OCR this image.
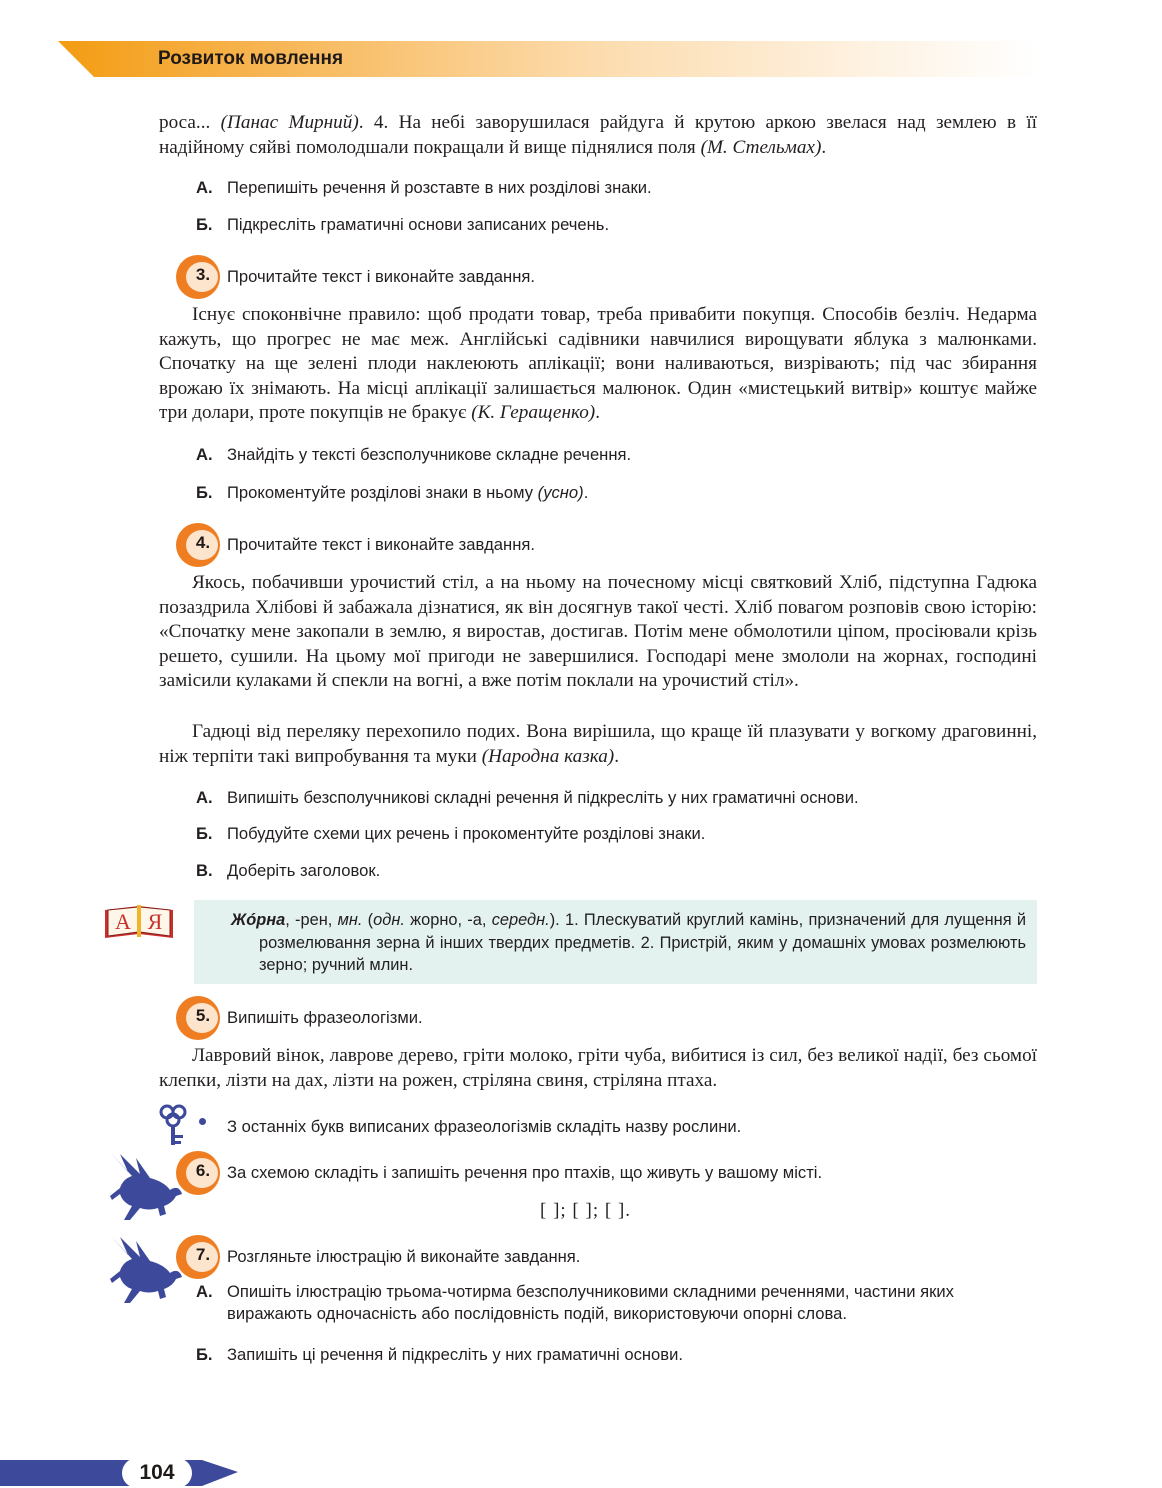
Розвиток мовлення
роса... (Панас Мирний). 4. На небі заворушилася райдуга й крутою аркою звелася над землею в її надійному сяйві помолодшали покращали й вище піднялися поля (М. Стельмах).
А. Перепишіть речення й розставте в них розділові знаки.
Б. Підкресліть граматичні основи записаних речень.
3.	Прочитайте текст і виконайте завдання.
Існує споконвічне правило: щоб продати товар, треба привабити покупця. Способів безліч. Недарма кажуть, що прогрес не має меж. Англійські садівники навчилися вирощувати яблука з малюнками. Спочатку на ще зелені плоди наклеюють аплікації; вони наливаються, визрівають; під час збирання врожаю їх знімають. На місці аплікації залишається малюнок. Один «мистецький витвір» коштує майже три долари, проте покупців не бракує (К. Геращенко).
А. Знайдіть у тексті безсполучникове складне речення.
Б. Прокоментуйте розділові знаки в ньому (усно).
4.	Прочитайте текст і виконайте завдання.
Якось, побачивши урочистий стіл, а на ньому на почесному місці святковий Хліб, підступна Гадюка позаздрила Хлібові й забажала дізнатися, як він досягнув такої честі. Хліб повагом розповів свою історію: «Спочатку мене закопали в землю, я виростав, достигав. Потім мене обмолотили ціпом, просіювали крізь решето, сушили. На цьому мої пригоди не завершилися. Господарі мене змололи на жорнах, господині замісили кулаками й спекли на вогні, а вже потім поклали на урочистий стіл».
Гадюці від переляку перехопило подих. Вона вирішила, що краще їй плазувати у вогкому драговинні, ніж терпіти такі випробування та муки (Народна казка).
А. Випишіть безсполучникові складні речення й підкресліть у них граматичні основи.
Б. Побудуйте схеми цих речень і прокоментуйте розділові знаки.
В. Доберіть заголовок.
А Я	Жóрна, -рен, мн. (одн. жорно, -а, середн.). 1. Плескуватий круглий камінь, призначений для лущення й розмелювання зерна й інших твердих предметів. 2. Пристрій, яким у домашніх умовах розмелюють зерно; ручний млин.
5.	Випишіть фразеологізми.
Лавровий вінок, лаврове дерево, гріти молоко, гріти чуба, вибитися із сил, без великої надії, без сьомої клепки, лізти на дах, лізти на рожен, стріляна свиня, стріляна птаха.
З останніх букв виписаних фразеологізмів складіть назву рослини.
6.	За схемою складіть і запишіть речення про птахів, що живуть у вашому місті.
[ ]; [ ]; [ ].
7.	Розгляньте ілюстрацію й виконайте завдання.
А. Опишіть ілюстрацію трьома-чотирма безсполучниковими складними реченнями, частини яких виражають одночасність або послідовність подій, використовуючи опорні слова.
Б. Запишіть ці речення й підкресліть у них граматичні основи.
104
